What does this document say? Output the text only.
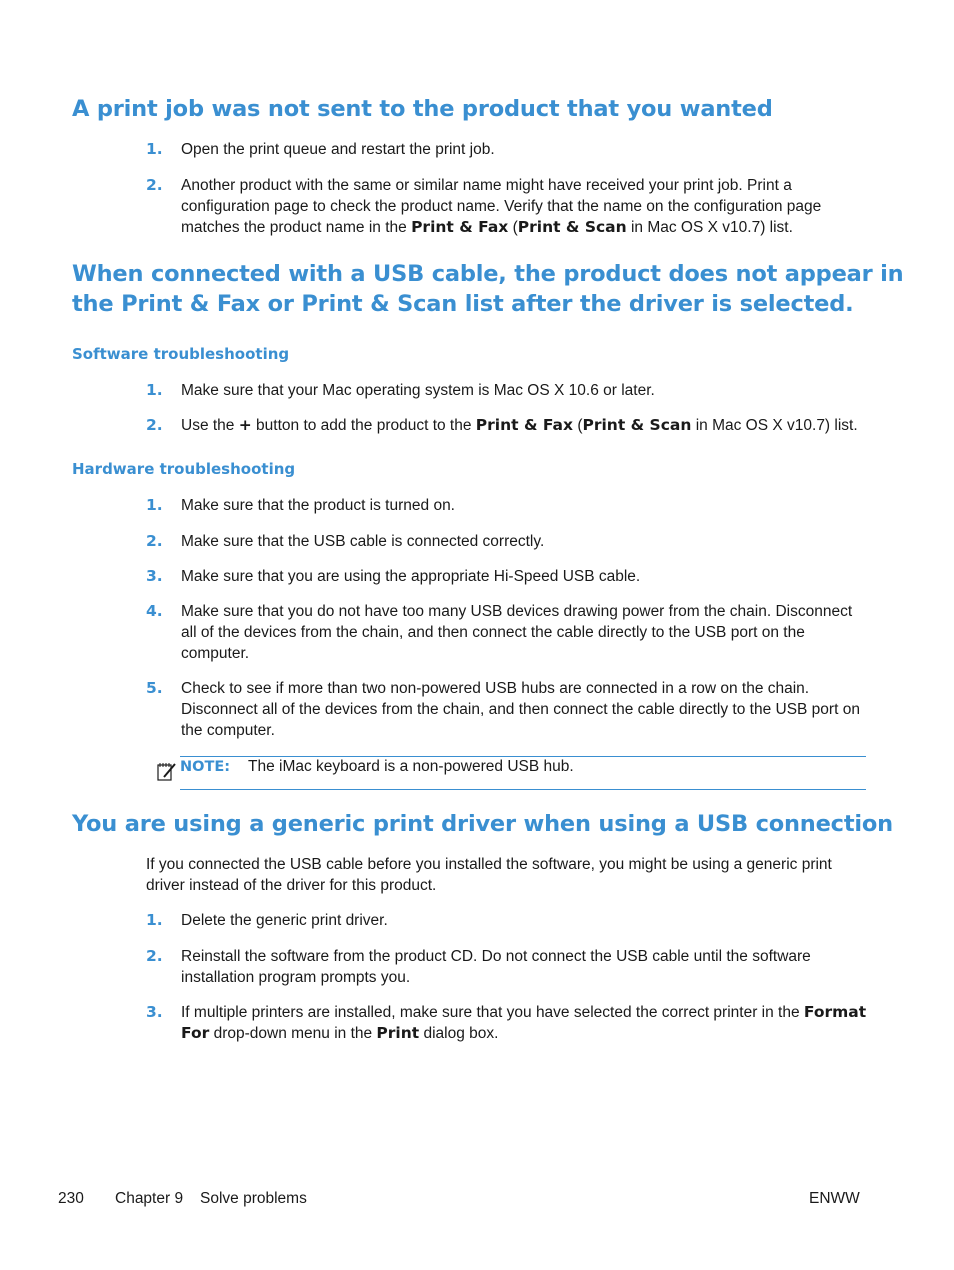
A print job was not sent to the product that you wanted
1.	Open the print queue and restart the print job.
2.	Another product with the same or similar name might have received your print job. Print a configuration page to check the product name. Verify that the name on the configuration page matches the product name in the Print & Fax (Print & Scan in Mac OS X v10.7) list.
When connected with a USB cable, the product does not appear in
the Print & Fax or Print & Scan list after the driver is selected.
Software troubleshooting
1.	Make sure that your Mac operating system is Mac OS X 10.6 or later.
2.	Use the + button to add the product to the Print & Fax (Print & Scan in Mac OS X v10.7) list.
Hardware troubleshooting
1.	Make sure that the product is turned on.
2.	Make sure that the USB cable is connected correctly.
3.	Make sure that you are using the appropriate Hi-Speed USB cable.
4.	Make sure that you do not have too many USB devices drawing power from the chain. Disconnect all of the devices from the chain, and then connect the cable directly to the USB port on the computer.
5.	Check to see if more than two non-powered USB hubs are connected in a row on the chain. Disconnect all of the devices from the chain, and then connect the cable directly to the USB port on the computer.
NOTE: The iMac keyboard is a non-powered USB hub.
You are using a generic print driver when using a USB connection
If you connected the USB cable before you installed the software, you might be using a generic print driver instead of the driver for this product.
1.	Delete the generic print driver.
2.	Reinstall the software from the product CD. Do not connect the USB cable until the software installation program prompts you.
3.	If multiple printers are installed, make sure that you have selected the correct printer in the Format For drop-down menu in the Print dialog box.
230 Chapter 9 Solve problems	ENWW
